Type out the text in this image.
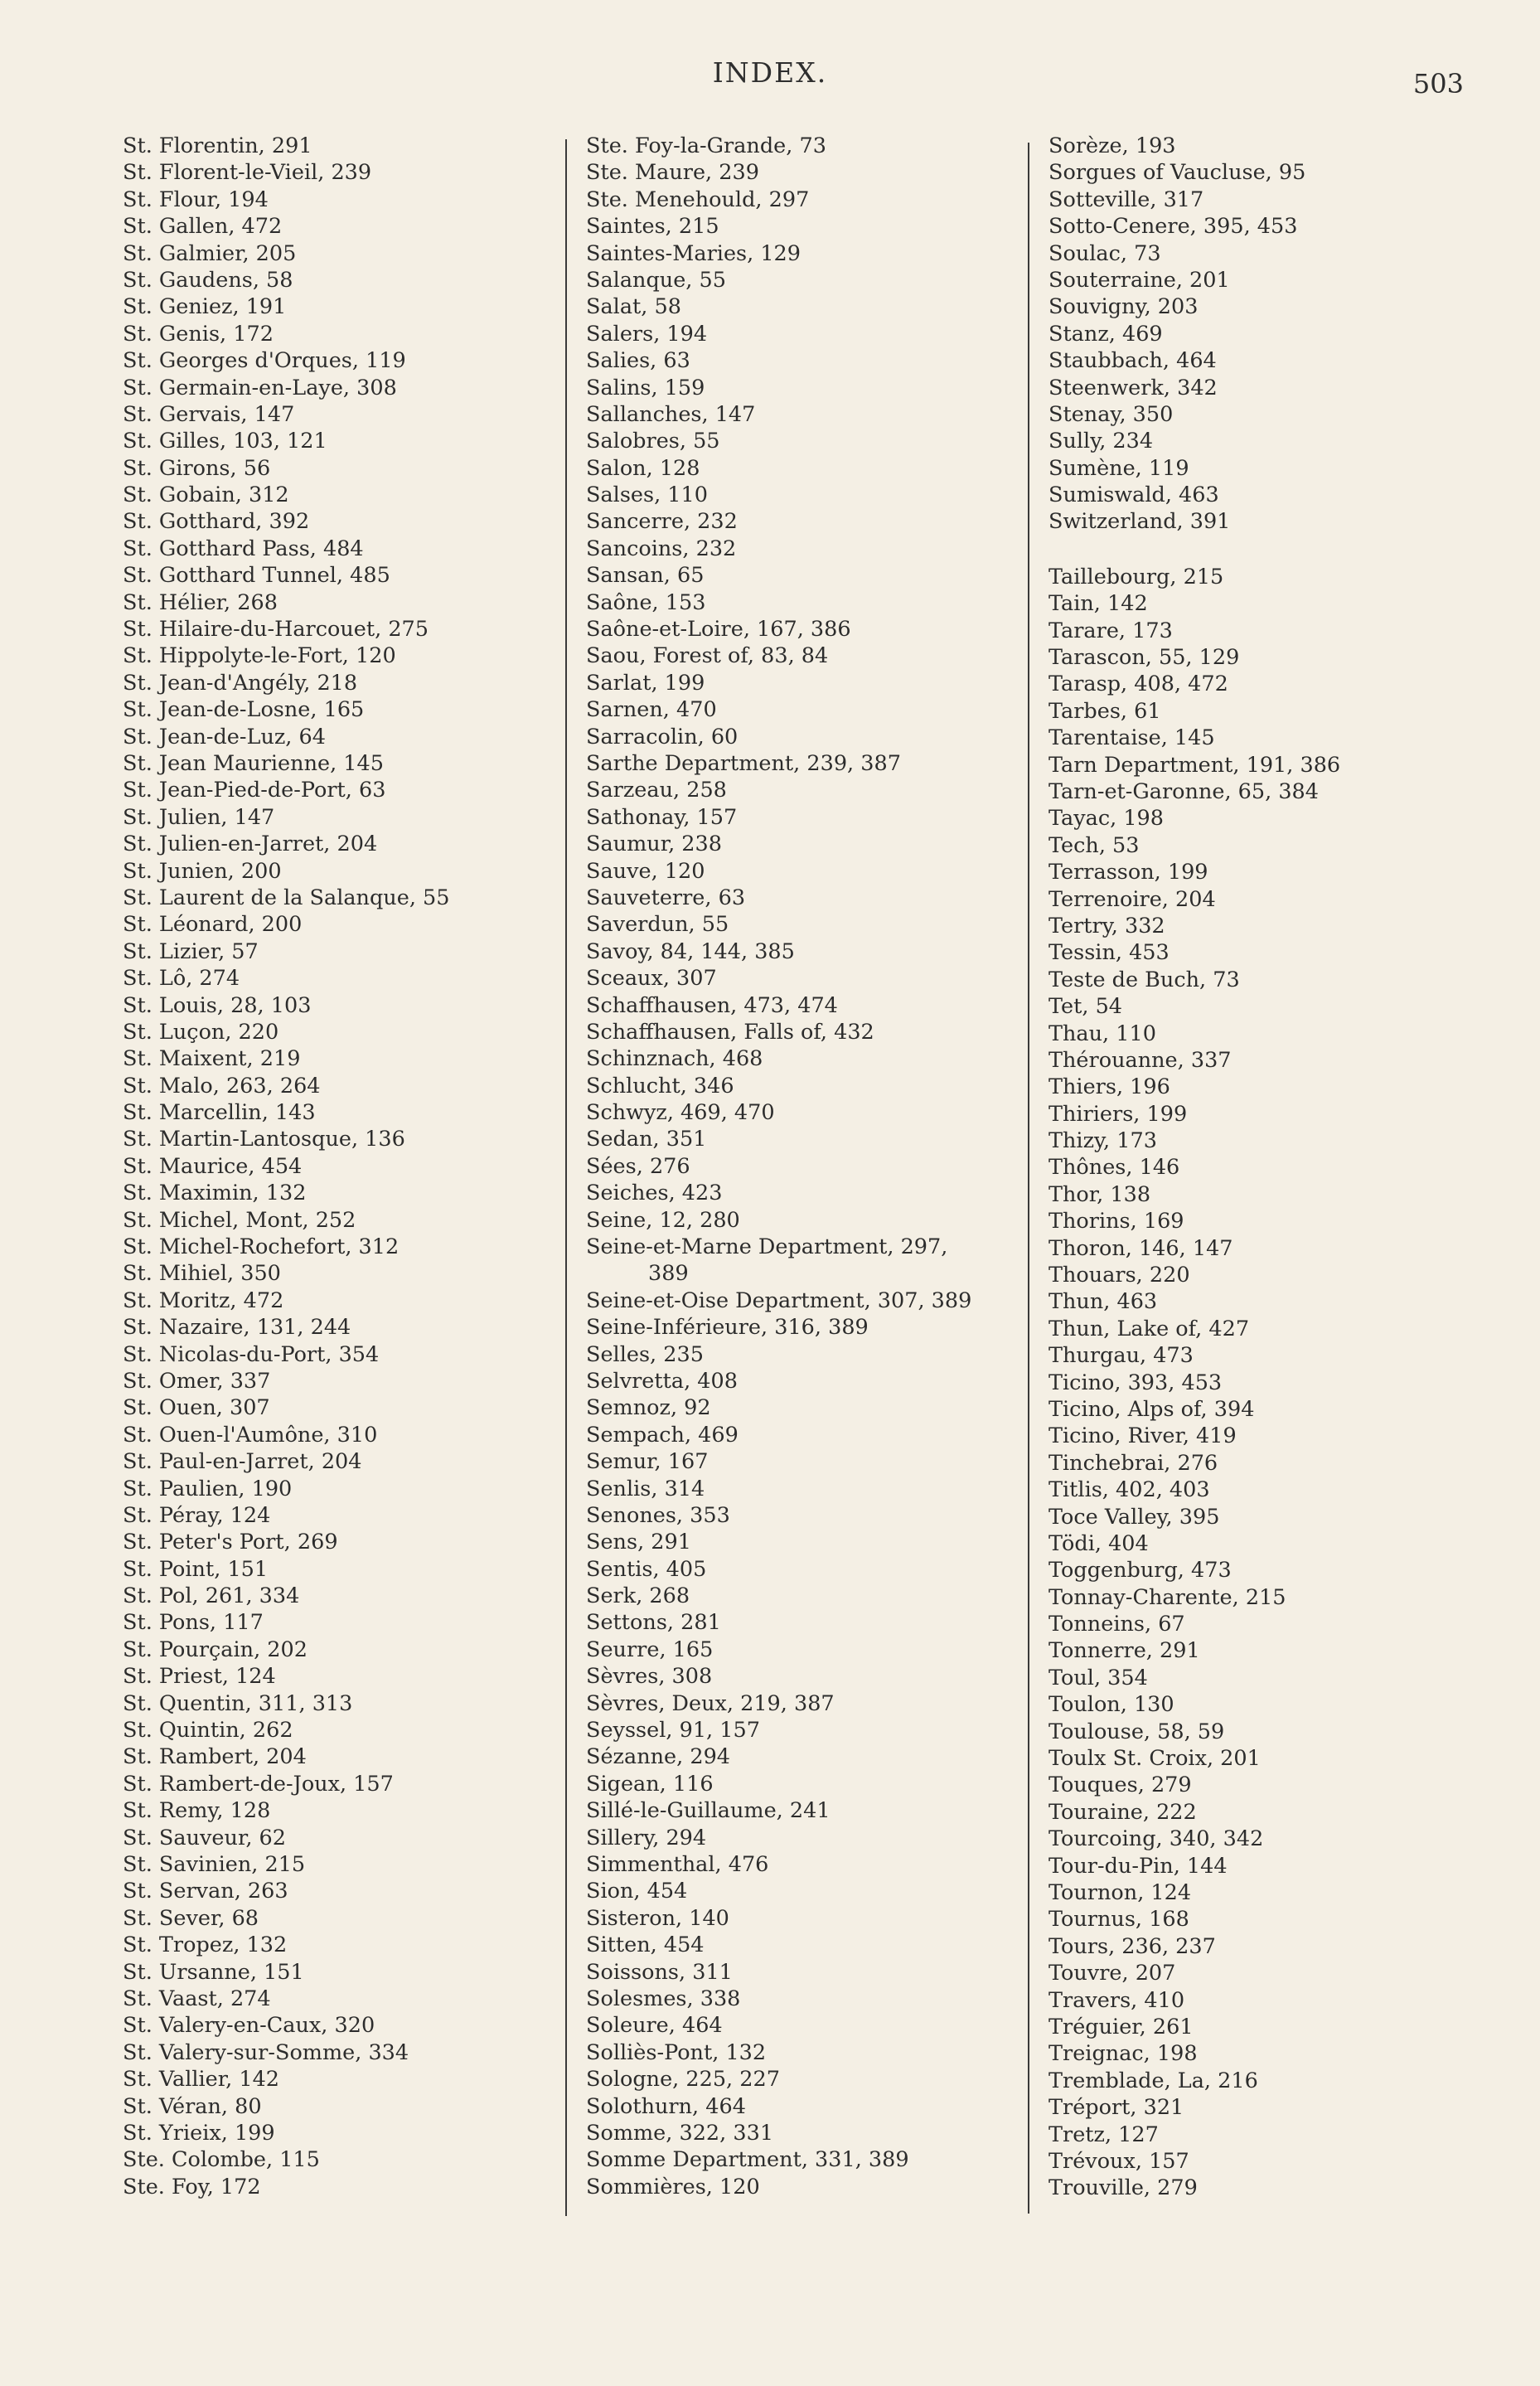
INDEX.	503
St. Florentin, 291
St. Florent-le-Vieil, 239
St. Flour, 194
St. Gallen, 472
St. Galmier, 205
St. Gaudens, 58
St. Geniez, 191
St. Genis, 172
St. Georges d'Orques, 119
St. Germain-en-Laye, 308
St. Gervais, 147
St. Gilles, 103, 121
St. Girons, 56
St. Gobain, 312
St. Gotthard, 392
St. Gotthard Pass, 484
St. Gotthard Tunnel, 485
St. Hélier, 268
St. Hilaire-du-Harcouet, 275
St. Hippolyte-le-Fort, 120
St. Jean-d'Angély, 218
St. Jean-de-Losne, 165
St. Jean-de-Luz, 64
St. Jean Maurienne, 145
St. Jean-Pied-de-Port, 63
St. Julien, 147
St. Julien-en-Jarret, 204
St. Junien, 200
St. Laurent de la Salanque, 55
St. Léonard, 200
St. Lizier, 57
St. Lô, 274
St. Louis, 28, 103
St. Luçon, 220
St. Maixent, 219
St. Malo, 263, 264
St. Marcellin, 143
St. Martin-Lantosque, 136
St. Maurice, 454
St. Maximin, 132
St. Michel, Mont, 252
St. Michel-Rochefort, 312
St. Mihiel, 350
St. Moritz, 472
St. Nazaire, 131, 244
St. Nicolas-du-Port, 354
St. Omer, 337
St. Ouen, 307
St. Ouen-l'Aumône, 310
St. Paul-en-Jarret, 204
St. Paulien, 190
St. Péray, 124
St. Peter's Port, 269
St. Point, 151
St. Pol, 261, 334
St. Pons, 117
St. Pourçain, 202
St. Priest, 124
St. Quentin, 311, 313
St. Quintin, 262
St. Rambert, 204
St. Rambert-de-Joux, 157
St. Remy, 128
St. Sauveur, 62
St. Savinien, 215
St. Servan, 263
St. Sever, 68
St. Tropez, 132
St. Ursanne, 151
St. Vaast, 274
St. Valery-en-Caux, 320
St. Valery-sur-Somme, 334
St. Vallier, 142
St. Véran, 80
St. Yrieix, 199
Ste. Colombe, 115
Ste. Foy, 172
Ste. Foy-la-Grande, 73
Ste. Maure, 239
Ste. Menehould, 297
Saintes, 215
Saintes-Maries, 129
Salanque, 55
Salat, 58
Salers, 194
Salies, 63
Salins, 159
Sallanches, 147
Salobres, 55
Salon, 128
Salses, 110
Sancerre, 232
Sancoins, 232
Sansan, 65
Saône, 153
Saône-et-Loire, 167, 386
Saou, Forest of, 83, 84
Sarlat, 199
Sarnen, 470
Sarracolin, 60
Sarthe Department, 239, 387
Sarzeau, 258
Sathonay, 157
Saumur, 238
Sauve, 120
Sauveterre, 63
Saverdun, 55
Savoy, 84, 144, 385
Sceaux, 307
Schaffhausen, 473, 474
Schaffhausen, Falls of, 432
Schinznach, 468
Schlucht, 346
Schwyz, 469, 470
Sedan, 351
Sées, 276
Seiches, 423
Seine, 12, 280
Seine-et-Marne Department, 297,
389
Seine-et-Oise Department, 307, 389
Seine-Inférieure, 316, 389
Selles, 235
Selvretta, 408
Semnoz, 92
Sempach, 469
Semur, 167
Senlis, 314
Senones, 353
Sens, 291
Sentis, 405
Serk, 268
Settons, 281
Seurre, 165
Sèvres, 308
Sèvres, Deux, 219, 387
Seyssel, 91, 157
Sézanne, 294
Sigean, 116
Sillé-le-Guillaume, 241
Sillery, 294
Simmenthal, 476
Sion, 454
Sisteron, 140
Sitten, 454
Soissons, 311
Solesmes, 338
Soleure, 464
Solliès-Pont, 132
Sologne, 225, 227
Solothurn, 464
Somme, 322, 331
Somme Department, 331, 389
Sommières, 120
Sorèze, 193
Sorgues of Vaucluse, 95
Sotteville, 317
Sotto-Cenere, 395, 453
Soulac, 73
Souterraine, 201
Souvigny, 203
Stanz, 469
Staubbach, 464
Steenwerk, 342
Stenay, 350
Sully, 234
Sumène, 119
Sumiswald, 463
Switzerland, 391
Taillebourg, 215
Tain, 142
Tarare, 173
Tarascon, 55, 129
Tarasp, 408, 472
Tarbes, 61
Tarentaise, 145
Tarn Department, 191, 386
Tarn-et-Garonne, 65, 384
Tayac, 198
Tech, 53
Terrasson, 199
Terrenoire, 204
Tertry, 332
Tessin, 453
Teste de Buch, 73
Tet, 54
Thau, 110
Thérouanne, 337
Thiers, 196
Thiriers, 199
Thizy, 173
Thônes, 146
Thor, 138
Thorins, 169
Thoron, 146, 147
Thouars, 220
Thun, 463
Thun, Lake of, 427
Thurgau, 473
Ticino, 393, 453
Ticino, Alps of, 394
Ticino, River, 419
Tinchebrai, 276
Titlis, 402, 403
Toce Valley, 395
Tödi, 404
Toggenburg, 473
Tonnay-Charente, 215
Tonneins, 67
Tonnerre, 291
Toul, 354
Toulon, 130
Toulouse, 58, 59
Toulx St. Croix, 201
Touques, 279
Touraine, 222
Tourcoing, 340, 342
Tour-du-Pin, 144
Tournon, 124
Tournus, 168
Tours, 236, 237
Touvre, 207
Travers, 410
Tréguier, 261
Treignac, 198
Tremblade, La, 216
Tréport, 321
Tretz, 127
Trévoux, 157
Trouville, 279
